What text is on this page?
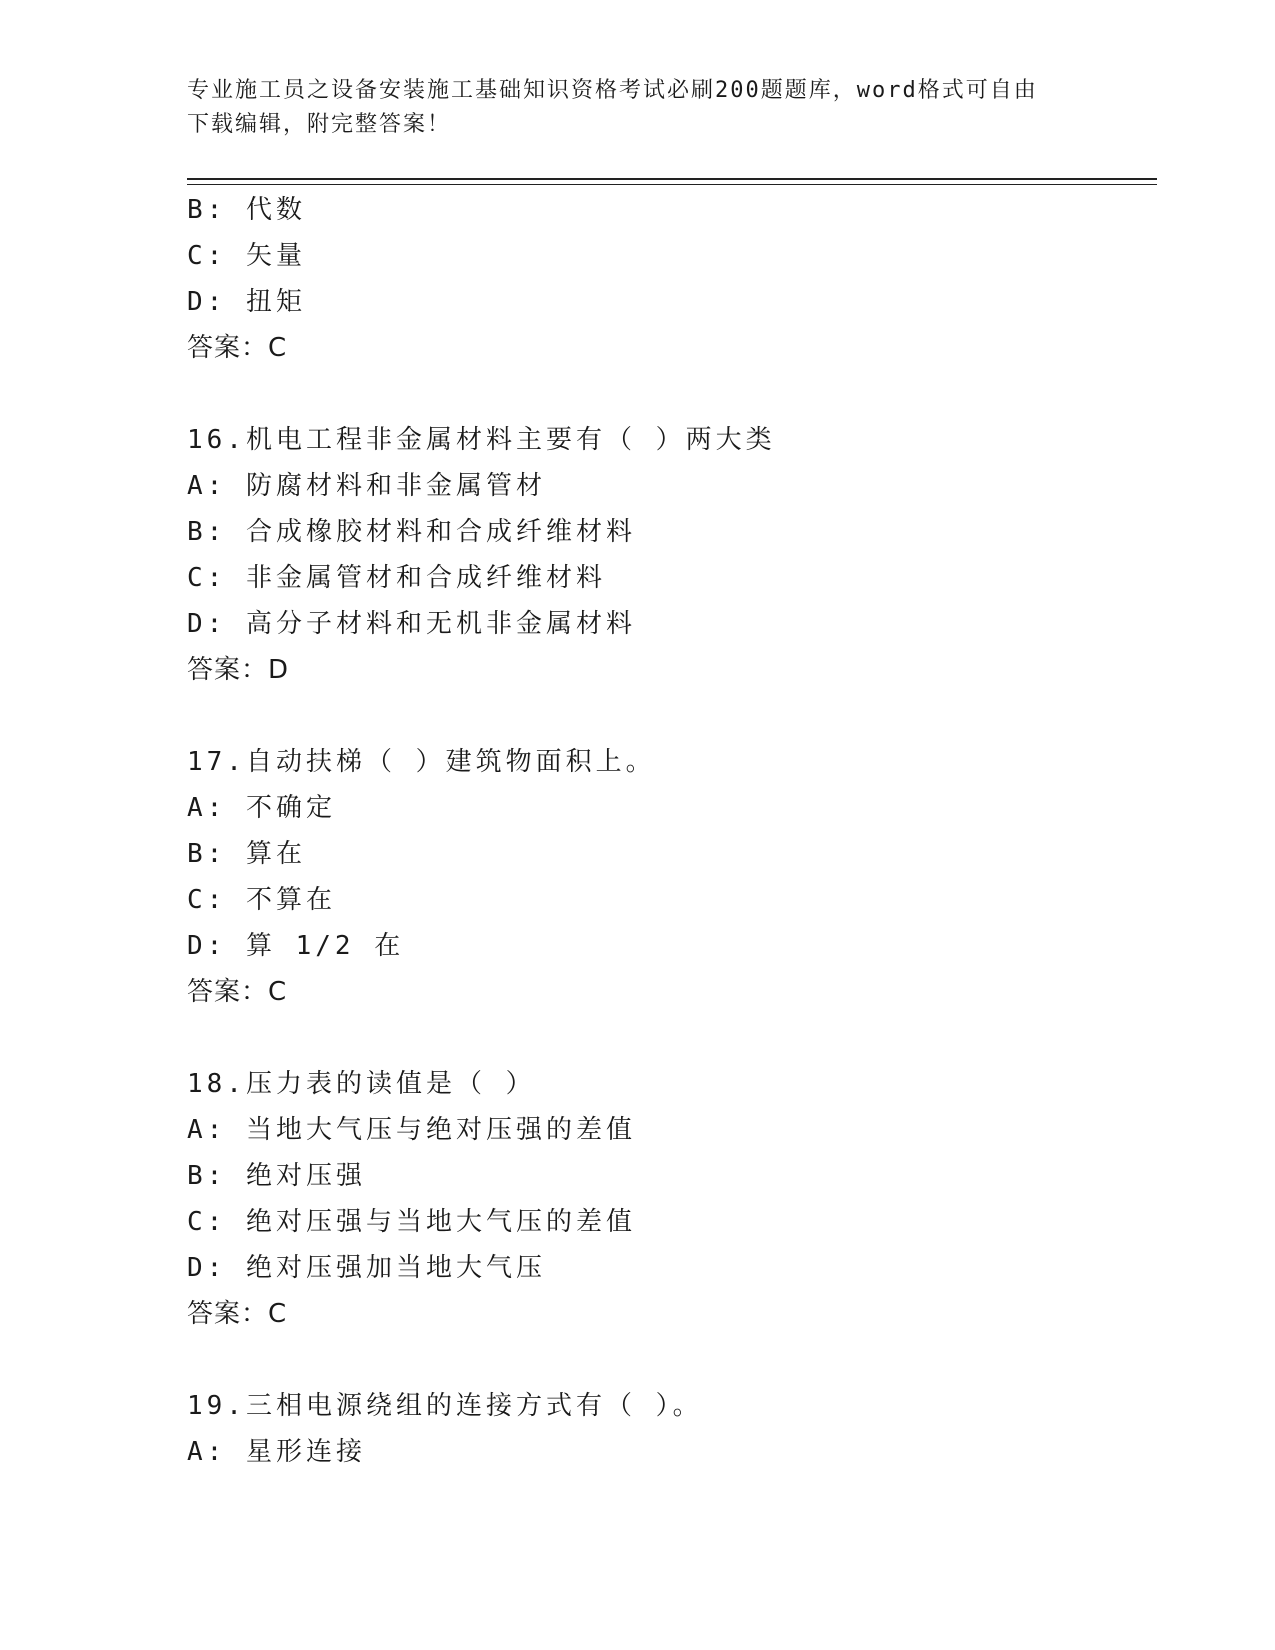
专业施工员之设备安装施工基础知识资格考试必刷200题题库，word格式可自由
下载编辑，附完整答案！
B: 代数
C: 矢量
D: 扭矩
答案：C
16.机电工程非金属材料主要有（ ）两大类
A: 防腐材料和非金属管材
B: 合成橡胶材料和合成纤维材料
C: 非金属管材和合成纤维材料
D: 高分子材料和无机非金属材料
答案：D
17.自动扶梯（ ）建筑物面积上。
A: 不确定
B: 算在
C: 不算在
D: 算 1/2 在
答案：C
18.压力表的读值是（ ）
A: 当地大气压与绝对压强的差值
B: 绝对压强
C: 绝对压强与当地大气压的差值
D: 绝对压强加当地大气压
答案：C
19.三相电源绕组的连接方式有（ ）。
A: 星形连接
